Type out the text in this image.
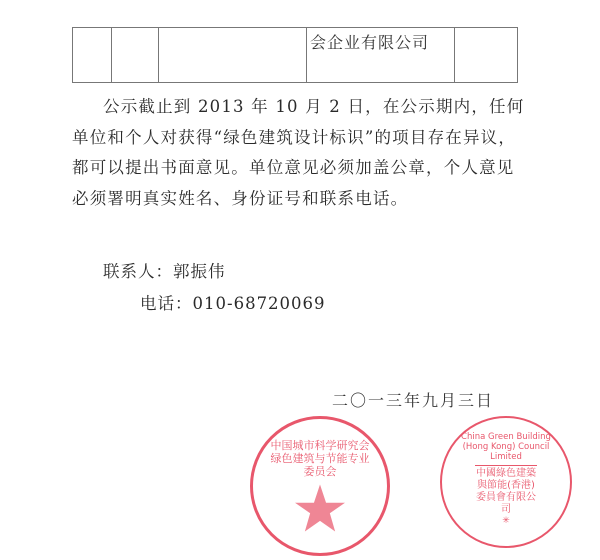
会企业有限公司
公示截止到 2013 年 10 月 2 日，在公示期内，任何单位和个人对获得“绿色建筑设计标识”的项目存在异议，都可以提出书面意见。单位意见必须加盖公章，个人意见必须署明真实姓名、身份证号和联系电话。
联系人：郭振伟
电话：010-68720069
二〇一三年九月三日
中国城市科学研究会绿色建筑与节能专业委员会
China Green Building (Hong Kong) Council Limited
中國綠色建築與節能(香港)委員會有限公司
✳
